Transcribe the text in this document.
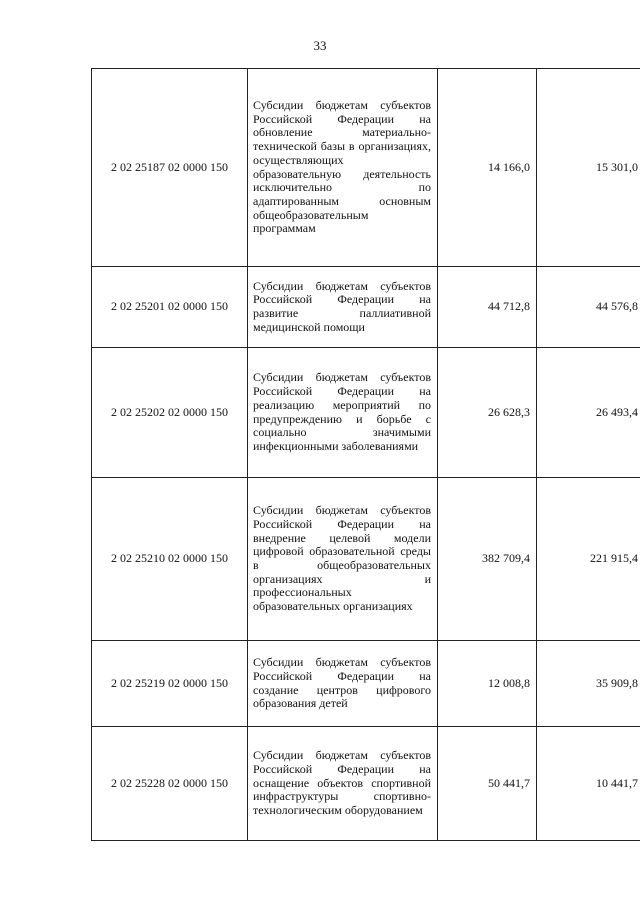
33
2 02 25187 02 0000 150	Субсидии бюджетам субъектов Российской Федерации на обновление материально-технической базы в организациях, осуществляющих образовательную деятельность исключительно по адаптированным основным общеобразовательным программам	14 166,0	15 301,0
2 02 25201 02 0000 150	Субсидии бюджетам субъектов Российской Федерации на развитие паллиативной медицинской помощи	44 712,8	44 576,8
2 02 25202 02 0000 150	Субсидии бюджетам субъектов Российской Федерации на реализацию мероприятий по предупреждению и борьбе с социально значимыми инфекционными заболеваниями	26 628,3	26 493,4
2 02 25210 02 0000 150	Субсидии бюджетам субъектов Российской Федерации на внедрение целевой модели цифровой образовательной среды в общеобразовательных организациях и профессиональных образовательных организациях	382 709,4	221 915,4
2 02 25219 02 0000 150	Субсидии бюджетам субъектов Российской Федерации на создание центров цифрового образования детей	12 008,8	35 909,8
2 02 25228 02 0000 150	Субсидии бюджетам субъектов Российской Федерации на оснащение объектов спортивной инфраструктуры спортивно-технологическим оборудованием	50 441,7	10 441,7
